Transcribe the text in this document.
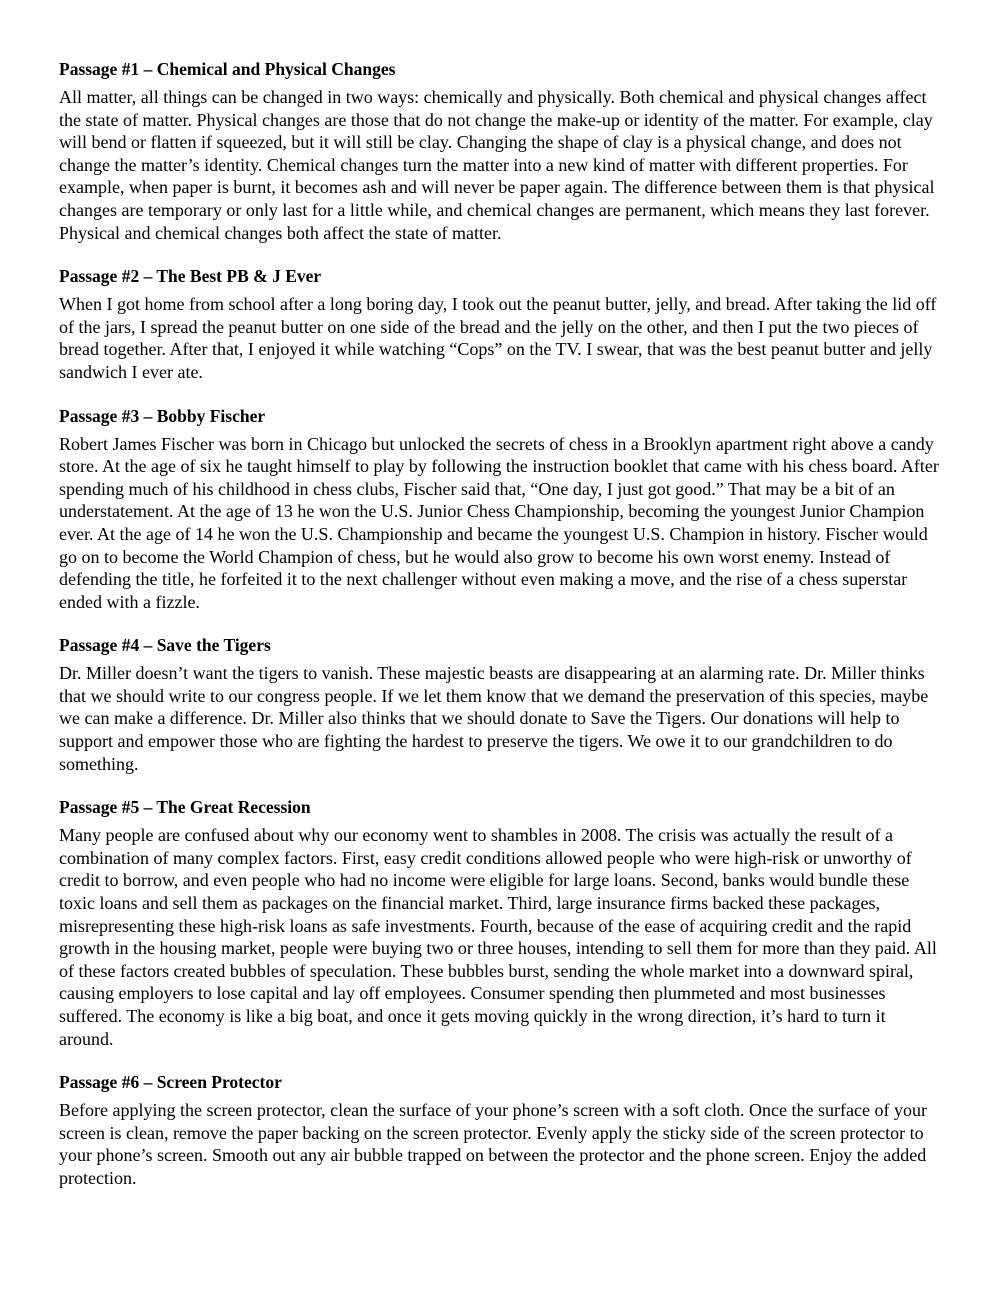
Passage #1 – Chemical and Physical Changes

All matter, all things can be changed in two ways: chemically and physically. Both chemical and physical changes affect the state of matter. Physical changes are those that do not change the make-up or identity of the matter. For example, clay will bend or flatten if squeezed, but it will still be clay. Changing the shape of clay is a physical change, and does not change the matter’s identity. Chemical changes turn the matter into a new kind of matter with different properties. For example, when paper is burnt, it becomes ash and will never be paper again. The difference between them is that physical changes are temporary or only last for a little while, and chemical changes are permanent, which means they last forever. Physical and chemical changes both affect the state of matter.

Passage #2 – The Best PB & J Ever

When I got home from school after a long boring day, I took out the peanut butter, jelly, and bread. After taking the lid off of the jars, I spread the peanut butter on one side of the bread and the jelly on the other, and then I put the two pieces of bread together. After that, I enjoyed it while watching “Cops” on the TV. I swear, that was the best peanut butter and jelly sandwich I ever ate.

Passage #3 – Bobby Fischer

Robert James Fischer was born in Chicago but unlocked the secrets of chess in a Brooklyn apartment right above a candy store. At the age of six he taught himself to play by following the instruction booklet that came with his chess board. After spending much of his childhood in chess clubs, Fischer said that, “One day, I just got good.” That may be a bit of an understatement. At the age of 13 he won the U.S. Junior Chess Championship, becoming the youngest Junior Champion ever. At the age of 14 he won the U.S. Championship and became the youngest U.S. Champion in history. Fischer would go on to become the World Champion of chess, but he would also grow to become his own worst enemy. Instead of defending the title, he forfeited it to the next challenger without even making a move, and the rise of a chess superstar ended with a fizzle.

Passage #4 – Save the Tigers

Dr. Miller doesn’t want the tigers to vanish. These majestic beasts are disappearing at an alarming rate. Dr. Miller thinks that we should write to our congress people. If we let them know that we demand the preservation of this species, maybe we can make a difference. Dr. Miller also thinks that we should donate to Save the Tigers. Our donations will help to support and empower those who are fighting the hardest to preserve the tigers. We owe it to our grandchildren to do something.

Passage #5 – The Great Recession

Many people are confused about why our economy went to shambles in 2008. The crisis was actually the result of a combination of many complex factors. First, easy credit conditions allowed people who were high-risk or unworthy of credit to borrow, and even people who had no income were eligible for large loans. Second, banks would bundle these toxic loans and sell them as packages on the financial market. Third, large insurance firms backed these packages, misrepresenting these high-risk loans as safe investments. Fourth, because of the ease of acquiring credit and the rapid growth in the housing market, people were buying two or three houses, intending to sell them for more than they paid. All of these factors created bubbles of speculation. These bubbles burst, sending the whole market into a downward spiral, causing employers to lose capital and lay off employees. Consumer spending then plummeted and most businesses suffered. The economy is like a big boat, and once it gets moving quickly in the wrong direction, it’s hard to turn it around.

Passage #6 – Screen Protector

Before applying the screen protector, clean the surface of your phone’s screen with a soft cloth. Once the surface of your screen is clean, remove the paper backing on the screen protector. Evenly apply the sticky side of the screen protector to your phone’s screen. Smooth out any air bubble trapped on between the protector and the phone screen. Enjoy the added protection.
